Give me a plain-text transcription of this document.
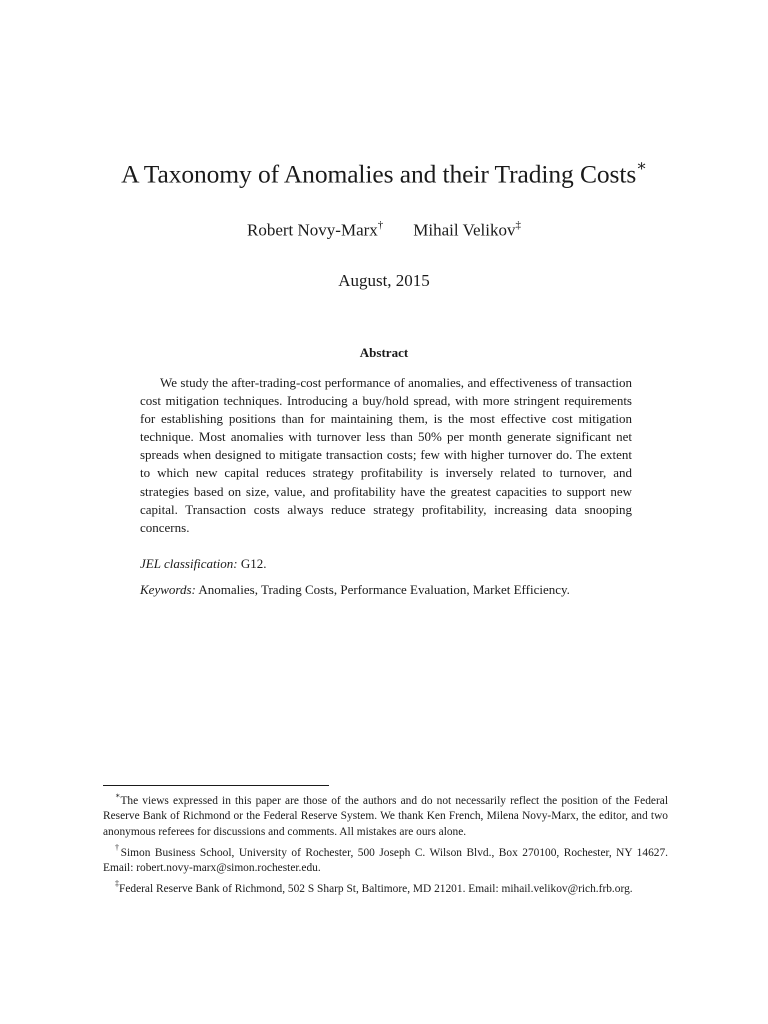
A Taxonomy of Anomalies and their Trading Costs∗
Robert Novy-Marx† Mihail Velikov‡
August, 2015
Abstract

We study the after-trading-cost performance of anomalies, and effectiveness of transaction cost mitigation techniques. Introducing a buy/hold spread, with more stringent requirements for establishing positions than for maintaining them, is the most effective cost mitigation technique. Most anomalies with turnover less than 50% per month generate significant net spreads when designed to mitigate transaction costs; few with higher turnover do. The extent to which new capital reduces strategy profitability is inversely related to turnover, and strategies based on size, value, and profitability have the greatest capacities to support new capital. Transaction costs always reduce strategy profitability, increasing data snooping concerns.

JEL classification: G12.

Keywords: Anomalies, Trading Costs, Performance Evaluation, Market Efficiency.

∗The views expressed in this paper are those of the authors and do not necessarily reflect the position of the Federal Reserve Bank of Richmond or the Federal Reserve System. We thank Ken French, Milena Novy-Marx, the editor, and two anonymous referees for discussions and comments. All mistakes are ours alone.

†Simon Business School, University of Rochester, 500 Joseph C. Wilson Blvd., Box 270100, Rochester, NY 14627. Email: robert.novy-marx@simon.rochester.edu.

‡Federal Reserve Bank of Richmond, 502 S Sharp St, Baltimore, MD 21201. Email: mihail.velikov@rich.frb.org.
